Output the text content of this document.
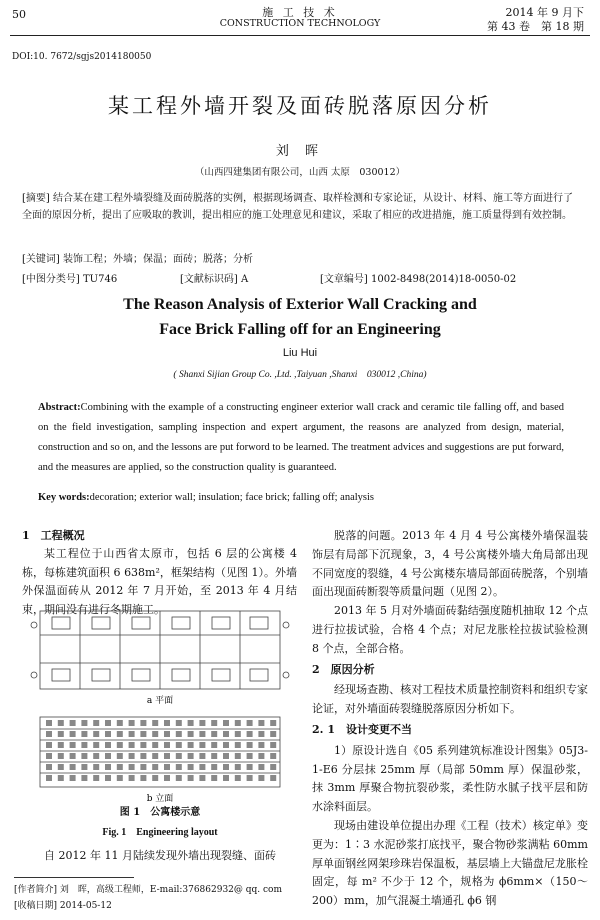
50	施 工 技 术
CONSTRUCTION TECHNOLOGY
2014 年 9 月下
第 43 卷　第 18 期
DOI:10. 7672/sgjs2014180050
某工程外墙开裂及面砖脱落原因分析
刘 晖
（山西四建集团有限公司，山西 太原　030012）
[摘要] 结合某在建工程外墙裂缝及面砖脱落的实例，根据现场调查、取样检测和专家论证，从设计、材料、施工等方面进行了全面的原因分析，提出了应吸取的教训，提出相应的施工处理意见和建议，采取了相应的改进措施，施工质量得到有效控制。
[关键词] 装饰工程；外墙；保温；面砖；脱落；分析
[中图分类号] TU746	[文献标识码] A	[文章编号] 1002-8498(2014)18-0050-02
The Reason Analysis of Exterior Wall Cracking and
Face Brick Falling off for an Engineering
Liu Hui
( Shanxi Sijian Group Co. ,Ltd. ,Taiyuan ,Shanxi　030012 ,China)
Abstract:Combining with the example of a constructing engineer exterior wall crack and ceramic tile falling off, and based on the field investigation, sampling inspection and expert argument, the reasons are analyzed from design, material, construction and so on, and the lessons are put forword to be learned. The treatment advices and suggestions are put forward, and the measures are applied, so the construction quality is guaranteed.
Key words:decoration; exterior wall; insulation; face brick; falling off; analysis
1　工程概况

某工程位于山西省太原市，包括 6 层的公寓楼 4 栋，每栋建筑面积 6 638m²，框架结构（见图 1）。外墙外保温面砖从 2012 年 7 月开始，至 2013 年 4 月结束，期间没有进行冬期施工。

a 平面
b 立面
图 1　公寓楼示意
Fig. 1　Engineering layout

自 2012 年 11 月陆续发现外墙出现裂缝、面砖

[作者简介] 刘　晖，高级工程师，E-mail:376862932@ qq. com
[收稿日期] 2014-05-12

脱落的问题。2013 年 4 月 4 号公寓楼外墙保温装饰层有局部下沉现象，3，4 号公寓楼外墙大角局部出现不同宽度的裂缝，4 号公寓楼东墙局部面砖脱落，个别墙面出现面砖断裂等质量问题（见图 2）。

2013 年 5 月对外墙面砖黏结强度随机抽取 12 个点进行拉拔试验，合格 4 个点；对尼龙胀栓拉拔试验检测 8 个点，全部合格。

2　原因分析

经现场查勘、核对工程技术质量控制资料和组织专家论证，对外墙面砖裂缝脱落原因分析如下。

2. 1　设计变更不当

1）原设计选自《05 系列建筑标准设计图集》05J3-1-E6 分层抹 25mm 厚（局部 50mm 厚）保温砂浆，抹 3mm 厚聚合物抗裂砂浆，柔性防水腻子找平层和防水涂料面层。

现场由建设单位提出办理《工程（技术）核定单》变更为：1∶3 水泥砂浆打底找平，聚合物砂浆满粘 60mm 厚单面钢丝网架珍珠岩保温板，基层墙上大锚盘尼龙胀栓固定，每 m² 不少于 12 个，规格为 ϕ6mm×（150～200）mm，加气混凝土墙通孔 ϕ6 钢
